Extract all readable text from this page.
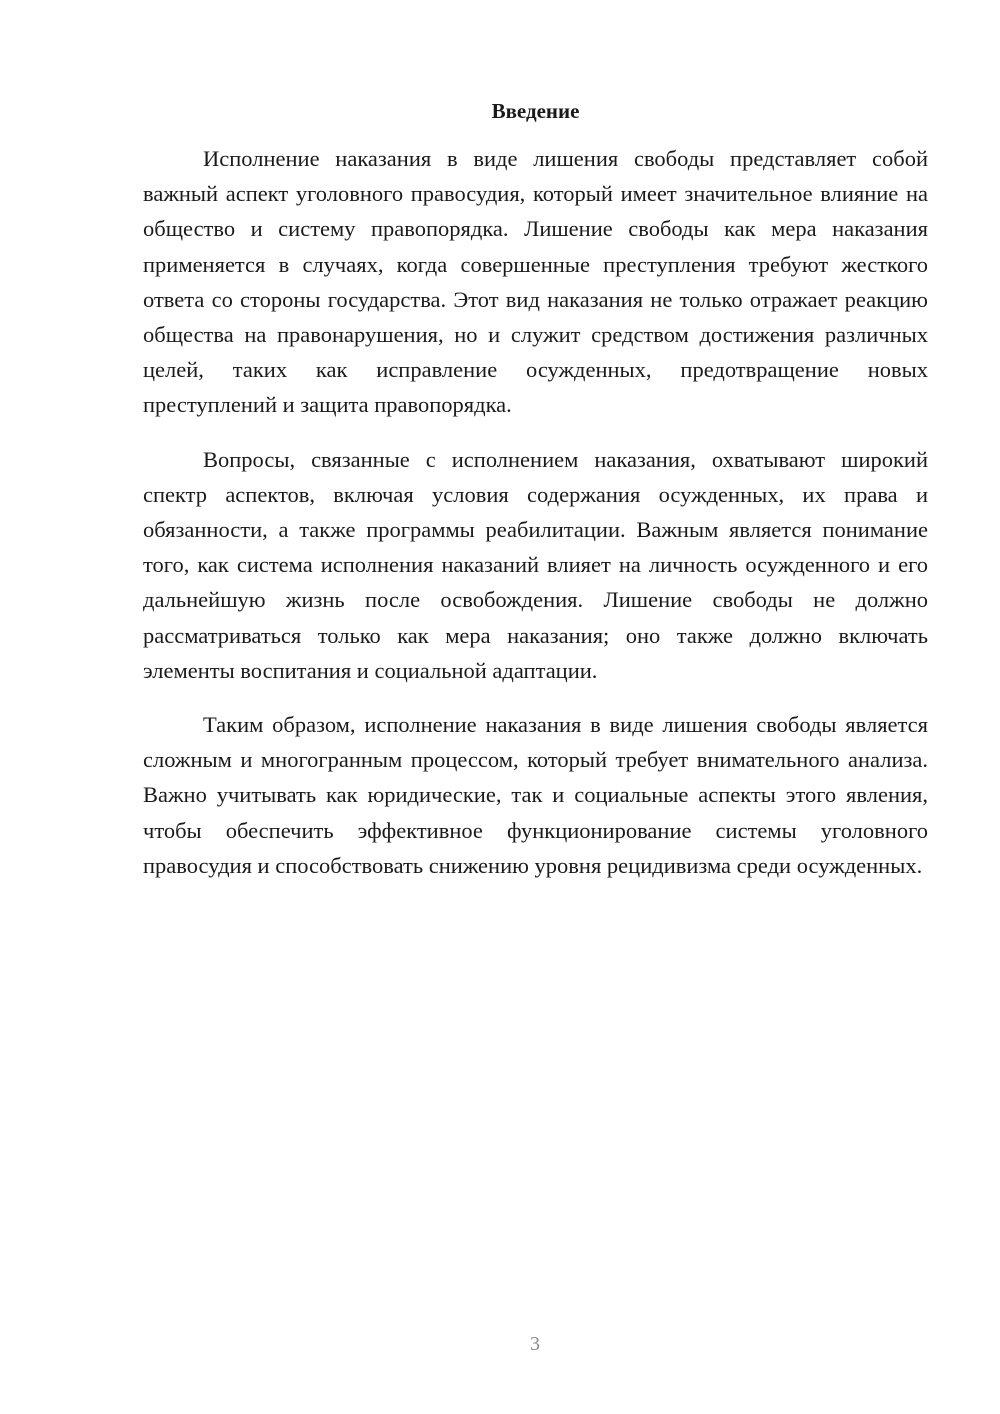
Введение

Исполнение наказания в виде лишения свободы представляет собой важный аспект уголовного правосудия, который имеет значительное влияние на общество и систему правопорядка. Лишение свободы как мера наказания применяется в случаях, когда совершенные преступления требуют жесткого ответа со стороны государства. Этот вид наказания не только отражает реакцию общества на правонарушения, но и служит средством достижения различных целей, таких как исправление осужденных, предотвращение новых преступлений и защита правопорядка.

Вопросы, связанные с исполнением наказания, охватывают широкий спектр аспектов, включая условия содержания осужденных, их права и обязанности, а также программы реабилитации. Важным является понимание того, как система исполнения наказаний влияет на личность осужденного и его дальнейшую жизнь после освобождения. Лишение свободы не должно рассматриваться только как мера наказания; оно также должно включать элементы воспитания и социальной адаптации.

Таким образом, исполнение наказания в виде лишения свободы является сложным и многогранным процессом, который требует внимательного анализа. Важно учитывать как юридические, так и социальные аспекты этого явления, чтобы обеспечить эффективное функционирование системы уголовного правосудия и способствовать снижению уровня рецидивизма среди осужденных.

3
